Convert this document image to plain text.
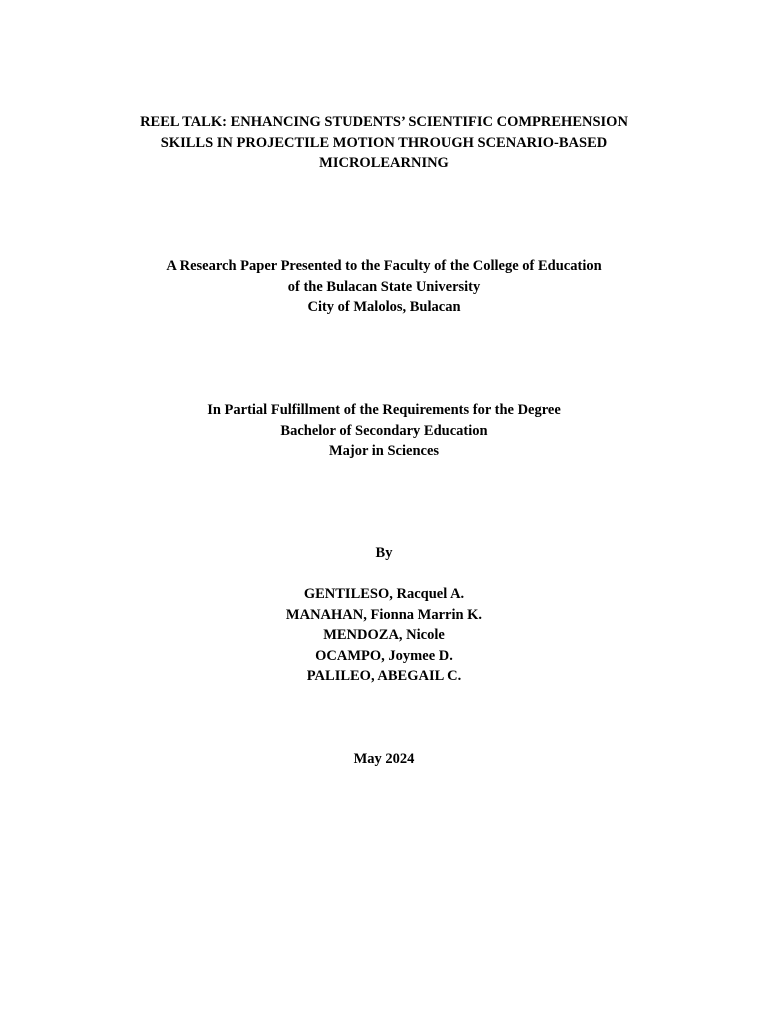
REEL TALK: ENHANCING STUDENTS’ SCIENTIFIC COMPREHENSION
SKILLS IN PROJECTILE MOTION THROUGH SCENARIO-BASED
MICROLEARNING
A Research Paper Presented to the Faculty of the College of Education
of the Bulacan State University
City of Malolos, Bulacan
In Partial Fulfillment of the Requirements for the Degree
Bachelor of Secondary Education
Major in Sciences
By
GENTILESO, Racquel A.
MANAHAN, Fionna Marrin K.
MENDOZA, Nicole
OCAMPO, Joymee D.
PALILEO, ABEGAIL C.
May 2024
